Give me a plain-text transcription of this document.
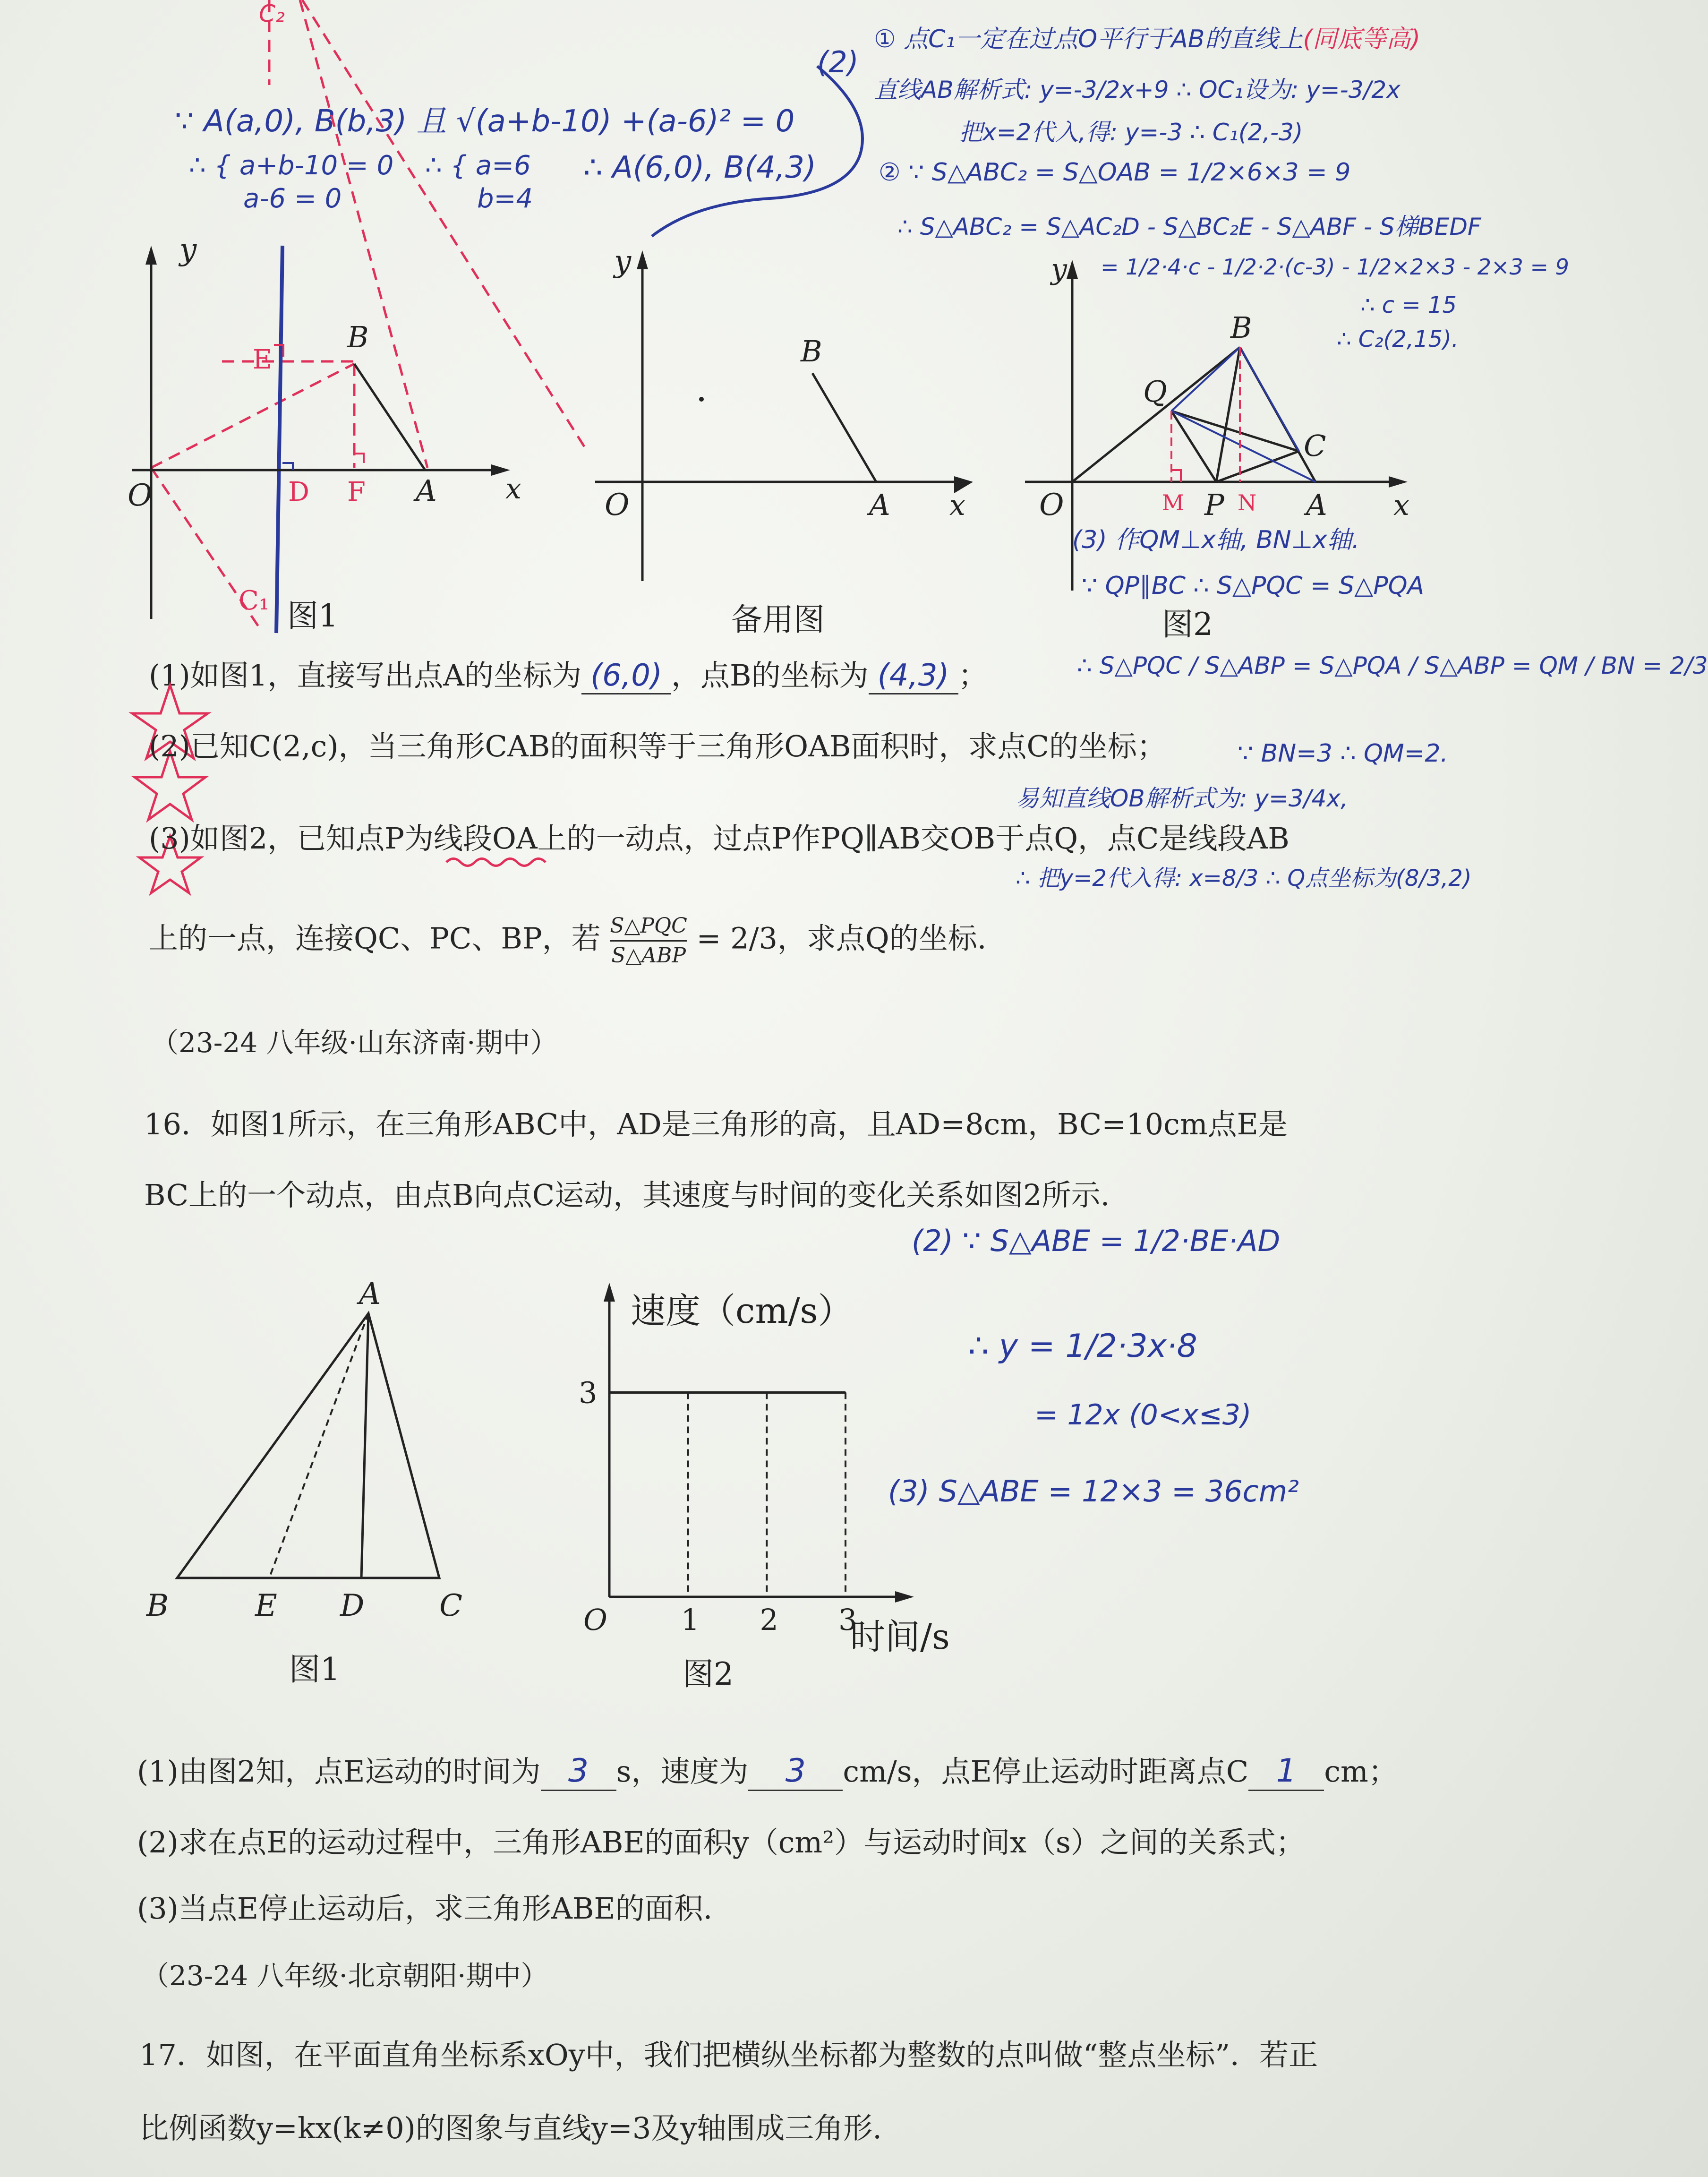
C₂
∵ A(a,0), B(b,3) 且 √(a+b-10) +(a-6)² = 0
∴ { a+b-10 = 0
a-6 = 0
∴ { a=6
b=4
∴ A(6,0), B(4,3)
(2)
① 点C₁一定在过点O平行于AB的直线上(同底等高)
直线AB解析式: y=-3/2x+9 ∴ OC₁设为: y=-3/2x
把x=2代入,得: y=-3 ∴ C₁(2,-3)
② ∵ S△ABC₂ = S△OAB = 1/2×6×3 = 9
∴ S△ABC₂ = S△AC₂D - S△BC₂E - S△ABF - S梯BEDF
= 1/2·4·c - 1/2·2·(c-3) - 1/2×2×3 - 2×3 = 9
∴ c = 15
∴ C₂(2,15).
y
O	x
B
A
E
D F
C₁ 图1
y
O	x
B
A
备用图
y
O	x
B
Q
C
P	A
M N
图2
(3) 作QM⊥x轴, BN⊥x轴.
∵ QP∥BC ∴ S△PQC = S△PQA
∴ S△PQC / S△ABP = S△PQA / S△ABP = QM / BN = 2/3
∵ BN=3 ∴ QM=2.
易知直线OB解析式为: y=3/4x,
∴ 把y=2代入得: x=8/3 ∴ Q点坐标为(8/3,2)
(1)如图1，直接写出点A的坐标为 (6,0) ，点B的坐标为 (4,3) ；
(2)已知C(2,c)，当三角形CAB的面积等于三角形OAB面积时，求点C的坐标；
(3)如图2，已知点P为线段OA上的一动点，过点P作PQ∥AB交OB于点Q，点C是线段AB
上的一点，连接QC、PC、BP，若 S△PQC
S△ABP = 2/3，求点Q的坐标.
（23-24 八年级·山东济南·期中）
16．如图1所示，在三角形ABC中，AD是三角形的高，且AD=8cm，BC=10cm点E是
BC上的一个动点，由点B向点C运动，其速度与时间的变化关系如图2所示.
A
B	E D C
图1
O	1 2 3
3
速度（cm/s）
时间/s
图2
(2) ∵ S△ABE = 1/2·BE·AD
∴ y = 1/2·3x·8
= 12x (0<x≤3)
(3) S△ABE = 12×3 = 36cm²
(1)由图2知，点E运动的时间为 3 s，速度为 3 cm/s，点E停止运动时距离点C 1 cm；
(2)求在点E的运动过程中，三角形ABE的面积y（cm²）与运动时间x（s）之间的关系式；
(3)当点E停止运动后，求三角形ABE的面积.
（23-24 八年级·北京朝阳·期中）
17．如图，在平面直角坐标系xOy中，我们把横纵坐标都为整数的点叫做“整点坐标”．若正
比例函数y=kx(k≠0)的图象与直线y=3及y轴围成三角形.
